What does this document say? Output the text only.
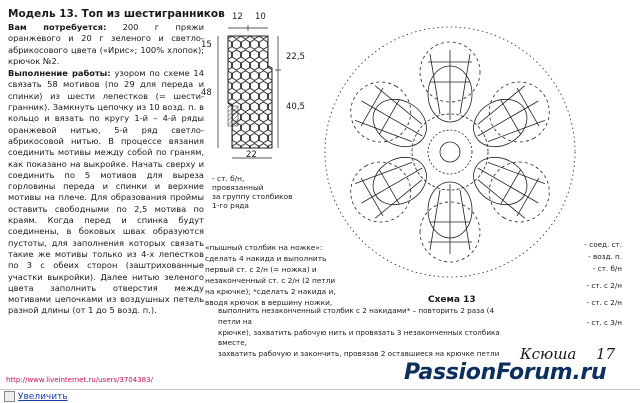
Модель 13. Топ из шестигранников

Вам потребуется: 200 г пряжи оранжевого и 20 г зеленого и светло-абрикосового цвета («Ирис»; 100% хлопок); крючок №2.

Выполнение работы: узором по схеме 14 связать 58 мотивов (по 29 для переда и спинки) из шести лепестков (= шести-гранник). Замкнуть цепочку из 10 возд. п. в кольцо и вязать по кругу 1-й – 4-й ряды оранжевой нитью, 5-й ряд светло-абрикосовой нитью. В процессе вязания соединить мотивы между собой по граням, как показано на выкройке. Начать сверху и соединить по 5 мотивов для выреза горловины переда и спинки и верхние мотивы на плече. Для образования проймы оставить свободными по 2,5 мотива по краям. Когда перед и спинка будут соединены, в боковых швах образуются пустоты, для заполнения которых связать такие же мотивы только из 4-х лепестков по 3 с обеих сторон (заштрихованные участки выкройки). Далее нитью зеленого цвета заполнить отверстия между мотивами цепочками из воздушных петель разной длины (от 1 до 5 возд. п.).

12 10
15
48
22,5
40,5
22
- ст. б/н,
провязанный
за группу столбиков
1-го ряда
«пышный столбик на ножке»:
сделать 4 накида и выполнить
первый ст. с 2/н (= ножка) и
незаконченный ст. с 2/н (2 петли
на крючке); *сделать 2 накида и,
вводя крючок в вершину ножки,
выполнить незаконченный столбик с 2 накидами* – повторить 2 раза (4 петли на
крючке), захватить рабочую нить и провязать 3 незаконченных столбика вместе,
захватить рабочую и закончить, провязав 2 оставшиеся на крючке петли
Схема 13
- соед. ст.
- возд. п.
- ст. б/н
- ст. с 2/н
- ст. с 2/н
- ст. с 3/н
Ксюша 17
PassionForum.ru
http://www.liveinternet.ru/users/3704383/
Увеличить
